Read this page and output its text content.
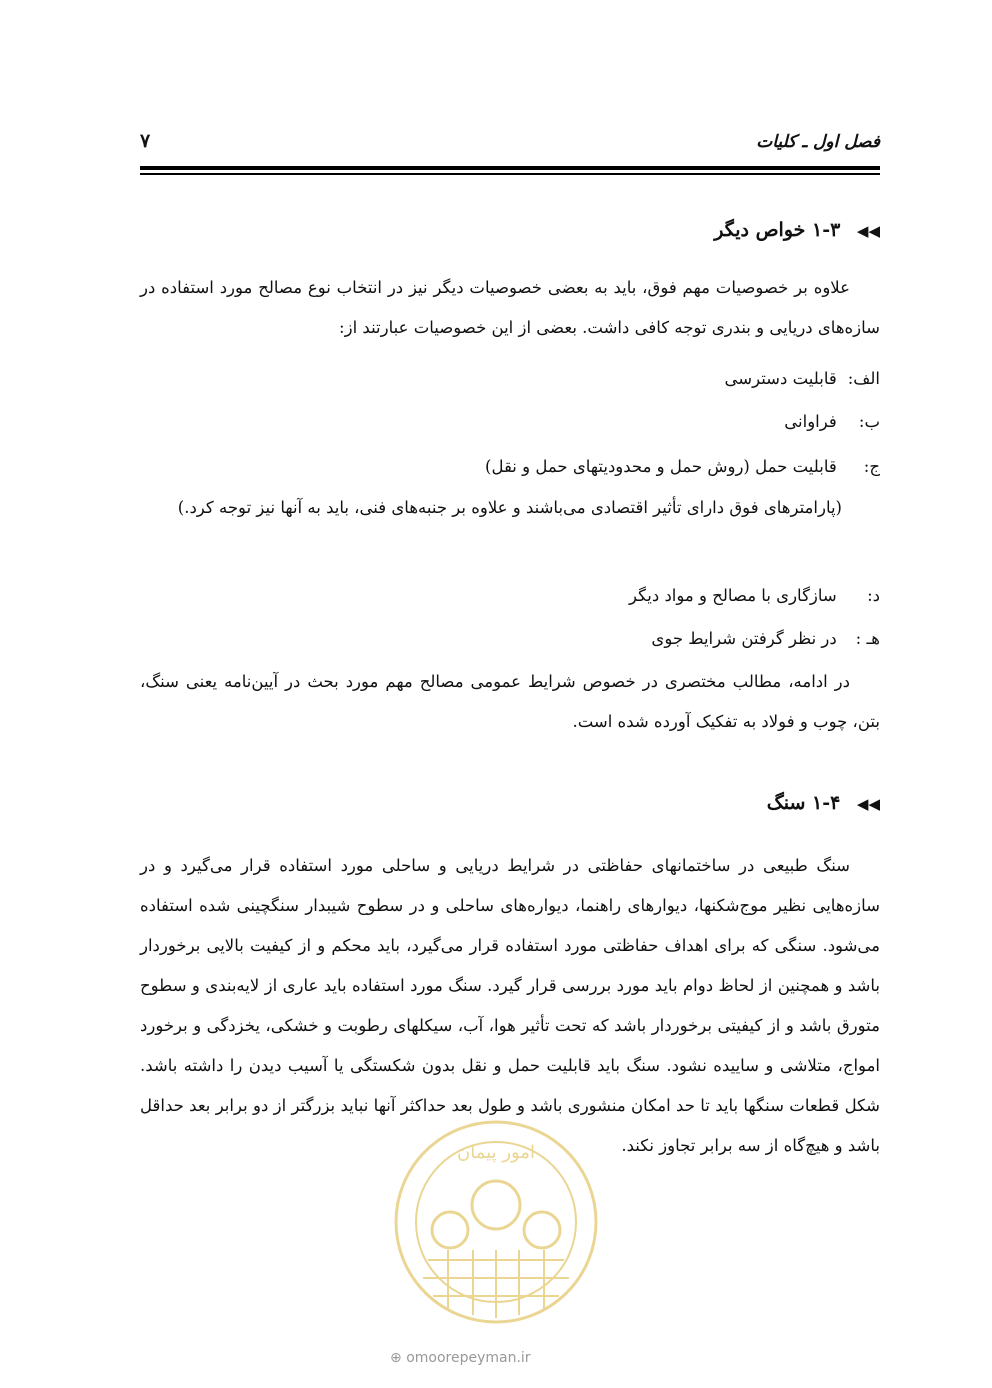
فصل اول ـ کلیات
۷
◀◀ ۱-۳ خواص دیگر

علاوه بر خصوصیات مهم فوق، باید به بعضی خصوصیات دیگر نیز در انتخاب نوع مصالح مورد استفاده در سازه‌های دریایی و بندری توجه کافی داشت. بعضی از این خصوصیات عبارتند از:

الف: قابلیت دسترسی
ب: فراوانی
ج: قابلیت حمل (روش حمل و محدودیتهای حمل و نقل)

(پارامترهای فوق دارای تأثیر اقتصادی می‌باشند و علاوه بر جنبه‌های فنی، باید به آنها نیز توجه کرد.)

د: سازگاری با مصالح و مواد دیگر
هـ : در نظر گرفتن شرایط جوی

در ادامه، مطالب مختصری در خصوص شرایط عمومی مصالح مهم مورد بحث در آیین‌نامه یعنی سنگ، بتن، چوب و فولاد به تفکیک آورده شده است.

◀◀ ۱-۴ سنگ

سنگ طبیعی در ساختمانهای حفاظتی در شرایط دریایی و ساحلی مورد استفاده قرار می‌گیرد و در سازه‌هایی نظیر موج‌شکنها، دیوارهای راهنما، دیواره‌های ساحلی و در سطوح شیبدار سنگچینی شده استفاده می‌شود. سنگی که برای اهداف حفاظتی مورد استفاده قرار می‌گیرد، باید محکم و از کیفیت بالایی برخوردار باشد و همچنین از لحاظ دوام باید مورد بررسی قرار گیرد. سنگ مورد استفاده باید عاری از لایه‌بندی و سطوح متورق باشد و از کیفیتی برخوردار باشد که تحت تأثیر هوا، آب، سیکلهای رطوبت و خشکی، یخزدگی و برخورد امواج، متلاشی و ساییده نشود. سنگ باید قابلیت حمل و نقل بدون شکستگی یا آسیب دیدن را داشته باشد. شکل قطعات سنگها باید تا حد امکان منشوری باشد و طول بعد حداکثر آنها نباید بزرگتر از دو برابر بعد حداقل باشد و هیچ‌گاه از سه برابر تجاوز نکند.

امور پیمان
⊕ omoorepeyman.ir
